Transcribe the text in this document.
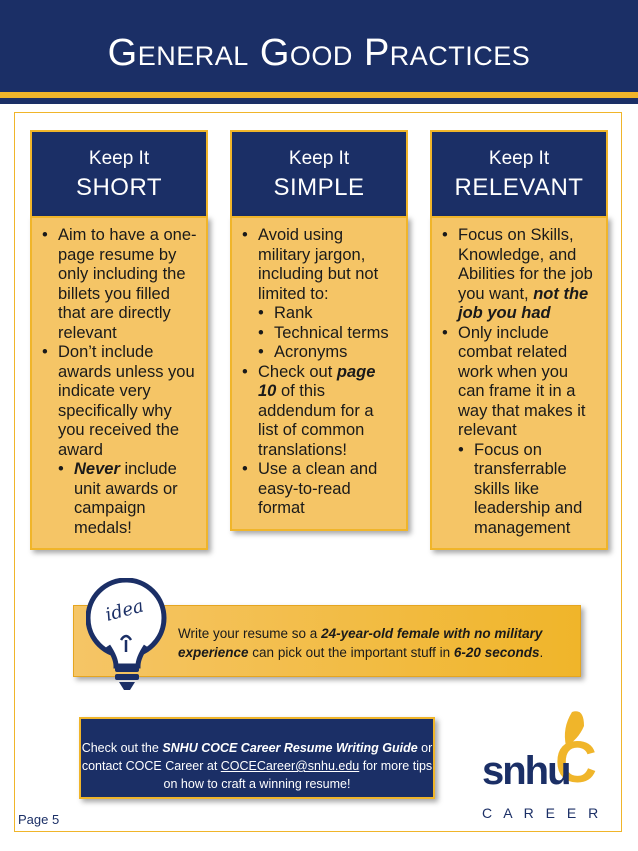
General Good Practices
Keep It
SHORT
• Aim to have a one-page resume by only including the billets you filled that are directly relevant
• Don’t include awards unless you indicate very specifically why you received the award
• Never include unit awards or campaign medals!
Keep It
SIMPLE
• Avoid using military jargon, including but not limited to:
• Rank
• Technical terms
• Acronyms
• Check out page 10 of this addendum for a list of common translations!
• Use a clean and easy-to-read format
Keep It
RELEVANT
• Focus on Skills, Knowledge, and Abilities for the job you want, not the job you had
• Only include combat related work when you can frame it in a way that makes it relevant
• Focus on transferrable skills like leadership and management
idea
Write your resume so a 24-year-old female with no military
experience can pick out the important stuff in 6-20 seconds.
Check out the SNHU COCE Career Resume Writing Guide or contact COCE Career at COCECareer@snhu.edu for more tips on how to craft a winning resume!	C
snhu
C A R E E R
Page 5
